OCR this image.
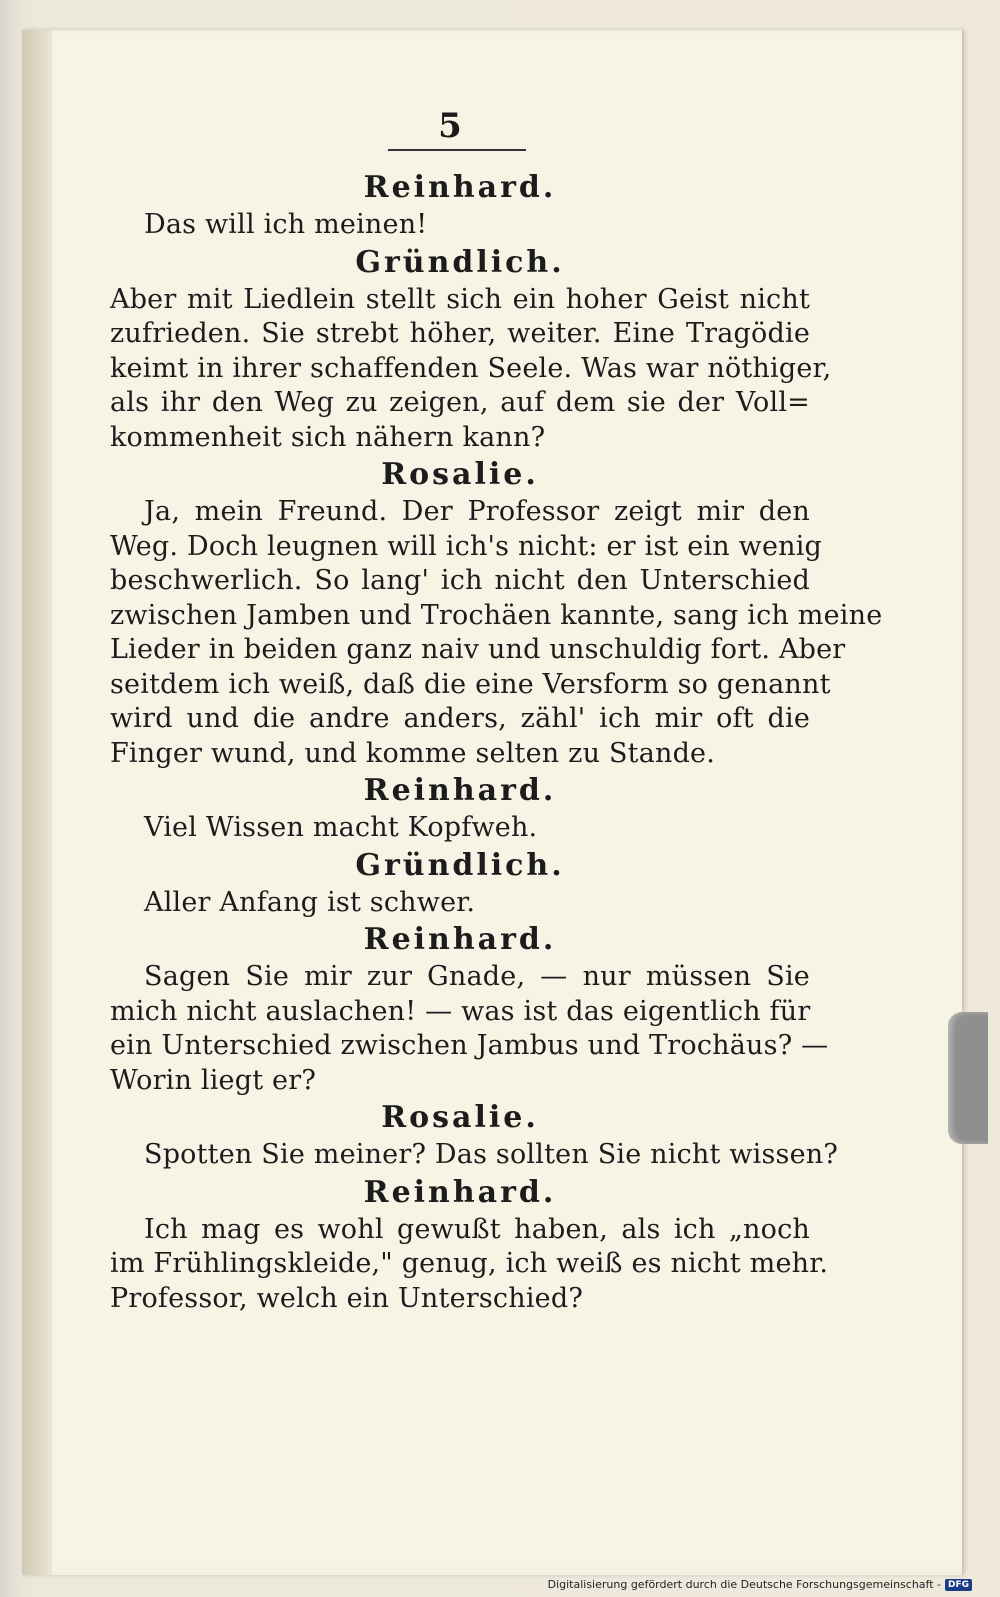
5

Reinhard.

Das will ich meinen!

Gründlich.

Aber mit Liedlein stellt sich ein hoher Geist nicht

zufrieden. Sie strebt höher, weiter. Eine Tragödie

keimt in ihrer schaffenden Seele. Was war nöthiger,

als ihr den Weg zu zeigen, auf dem sie der Voll=

kommenheit sich nähern kann?

Rosalie.

Ja, mein Freund. Der Professor zeigt mir den

Weg. Doch leugnen will ich's nicht: er ist ein wenig

beschwerlich. So lang' ich nicht den Unterschied

zwischen Jamben und Trochäen kannte, sang ich meine

Lieder in beiden ganz naiv und unschuldig fort. Aber

seitdem ich weiß, daß die eine Versform so genannt

wird und die andre anders, zähl' ich mir oft die

Finger wund, und komme selten zu Stande.

Reinhard.

Viel Wissen macht Kopfweh.

Gründlich.

Aller Anfang ist schwer.

Reinhard.

Sagen Sie mir zur Gnade, — nur müssen Sie

mich nicht auslachen! — was ist das eigentlich für

ein Unterschied zwischen Jambus und Trochäus? —

Worin liegt er?

Rosalie.

Spotten Sie meiner? Das sollten Sie nicht wissen?

Reinhard.

Ich mag es wohl gewußt haben, als ich „noch

im Frühlingskleide," genug, ich weiß es nicht mehr.

Professor, welch ein Unterschied?

Digitalisierung gefördert durch die Deutsche Forschungsgemeinschaft - DFG
